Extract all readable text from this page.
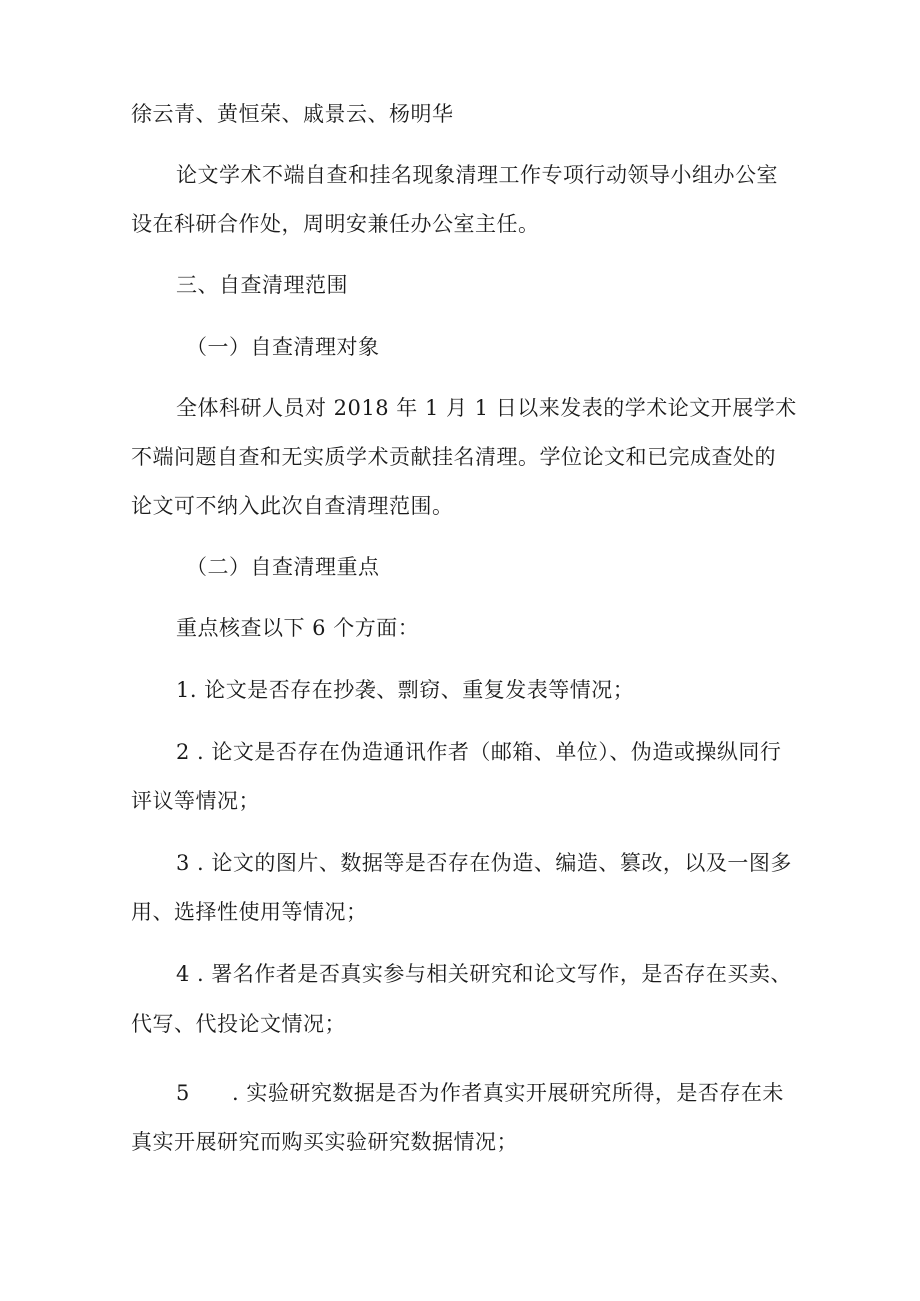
徐云青、黄恒荣、戚景云、杨明华
论文学术不端自查和挂名现象清理工作专项行动领导小组办公室
设在科研合作处，周明安兼任办公室主任。
三、自查清理范围
（一）自查清理对象
全体科研人员对 2018 年 1 月 1 日以来发表的学术论文开展学术
不端问题自查和无实质学术贡献挂名清理。学位论文和已完成查处的
论文可不纳入此次自查清理范围。
（二）自查清理重点
重点核查以下 6 个方面：
1. 论文是否存在抄袭、剽窃、重复发表等情况；
2 . 论文是否存在伪造通讯作者（邮箱、单位）、伪造或操纵同行
评议等情况；
3 . 论文的图片、数据等是否存在伪造、编造、篡改，以及一图多
用、选择性使用等情况；
4 . 署名作者是否真实参与相关研究和论文写作，是否存在买卖、
代写、代投论文情况；
5 . 实验研究数据是否为作者真实开展研究所得，是否存在未
真实开展研究而购买实验研究数据情况；
